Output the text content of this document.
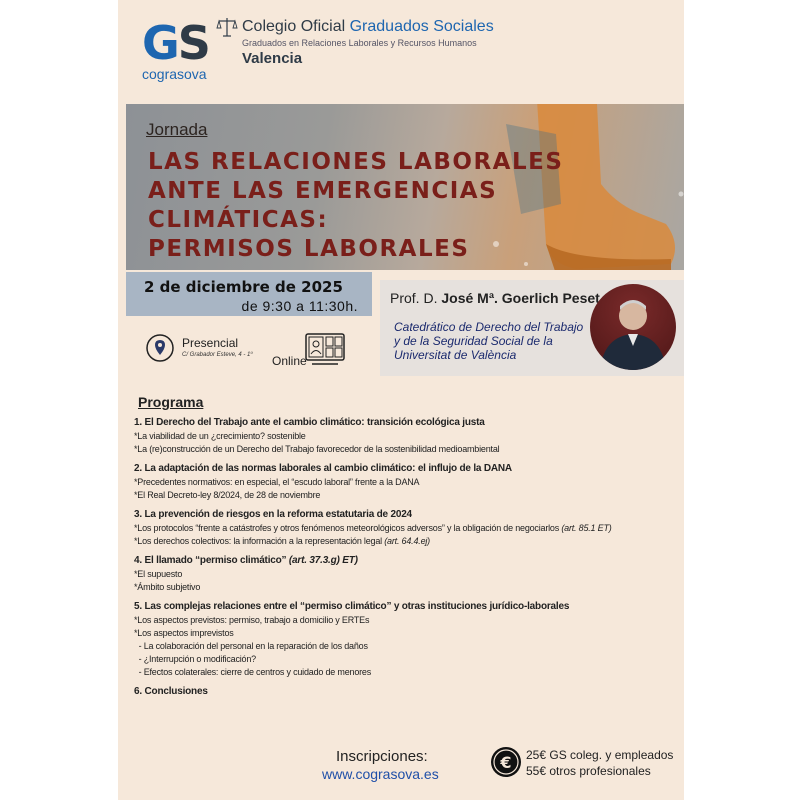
GS
cograsova
Colegio Oficial Graduados Sociales
Graduados en Relaciones Laborales y Recursos Humanos
Valencia
Jornada
LAS RELACIONES LABORALES
ANTE LAS EMERGENCIAS
CLIMÁTICAS:
PERMISOS LABORALES
2 de diciembre de 2025
de 9:30 a 11:30h. Prof. D. José Mª. Goerlich Peset
Catedrático de Derecho del Trabajo
y de la Seguridad Social de la
Universitat de València
Presencial
C/ Grabador Esteve, 4 - 1º Online
Programa
1. El Derecho del Trabajo ante el cambio climático: transición ecológica justa
*La viabilidad de un ¿crecimiento? sostenible
*La (re)construcción de un Derecho del Trabajo favorecedor de la sostenibilidad medioambiental
2. La adaptación de las normas laborales al cambio climático: el influjo de la DANA
*Precedentes normativos: en especial, el “escudo laboral” frente a la DANA
*El Real Decreto-ley 8/2024, de 28 de noviembre
3. La prevención de riesgos en la reforma estatutaria de 2024
*Los protocolos “frente a catástrofes y otros fenómenos meteorológicos adversos” y la obligación de negociarlos (art. 85.1 ET)
*Los derechos colectivos: la información a la representación legal (art. 64.4.ej)
4. El llamado “permiso climático” (art. 37.3.g) ET)
*El supuesto
*Ámbito subjetivo
5. Las complejas relaciones entre el “permiso climático” y otras instituciones jurídico-laborales
*Los aspectos previstos: permiso, trabajo a domicilio y ERTEs
*Los aspectos imprevistos
- La colaboración del personal en la reparación de los daños
- ¿Interrupción o modificación?
- Efectos colaterales: cierre de centros y cuidado de menores
6. Conclusiones
Inscripciones:
www.cograsova.es
€ 25€ GS coleg. y empleados
55€ otros profesionales
